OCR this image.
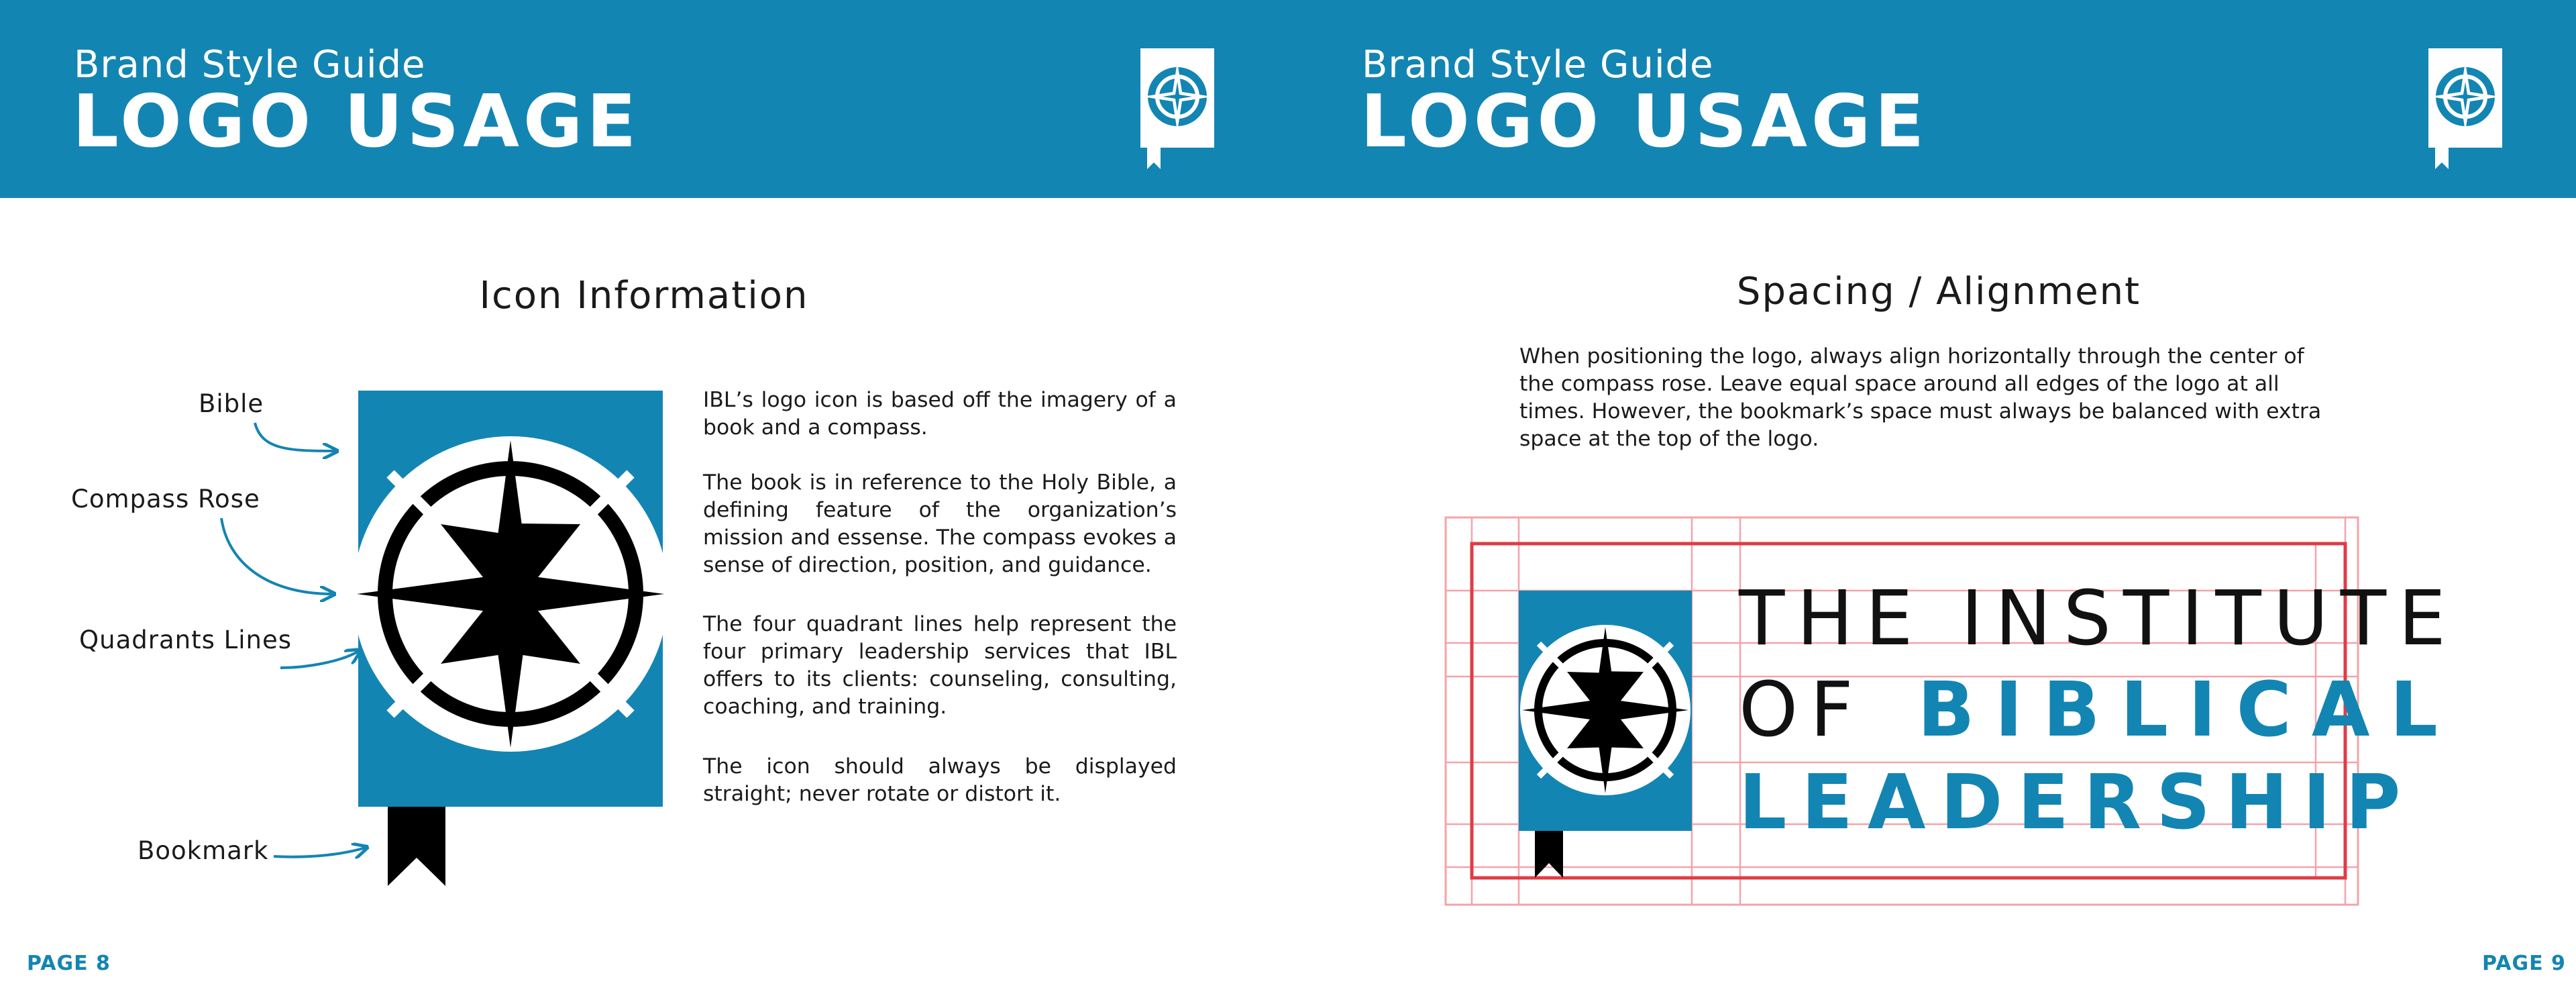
Brand Style Guide
LOGO USAGE
Brand Style Guide
LOGO USAGE
Icon Information
Bible
Compass Rose
Quadrants Lines
Bookmark

IBL’s logo icon is based off the imagery of a book and a compass.

The book is in reference to the Holy Bible, a defining feature of the organization’s mission and essense. The compass evokes a sense of direction, position, and guidance.

The four quadrant lines help represent the four primary leadership services that IBL offers to its clients: counseling, consulting, coaching, and training.

The icon should always be displayed straight; never rotate or distort it.

PAGE 8
Spacing / Alignment

When positioning the logo, always align horizontally through the center of the compass rose. Leave equal space around all edges of the logo at all times. However, the bookmark’s space must always be balanced with extra space at the top of the logo.

THE INSTITUTE
OF BIBLICAL
LEADERSHIP
PAGE 9
